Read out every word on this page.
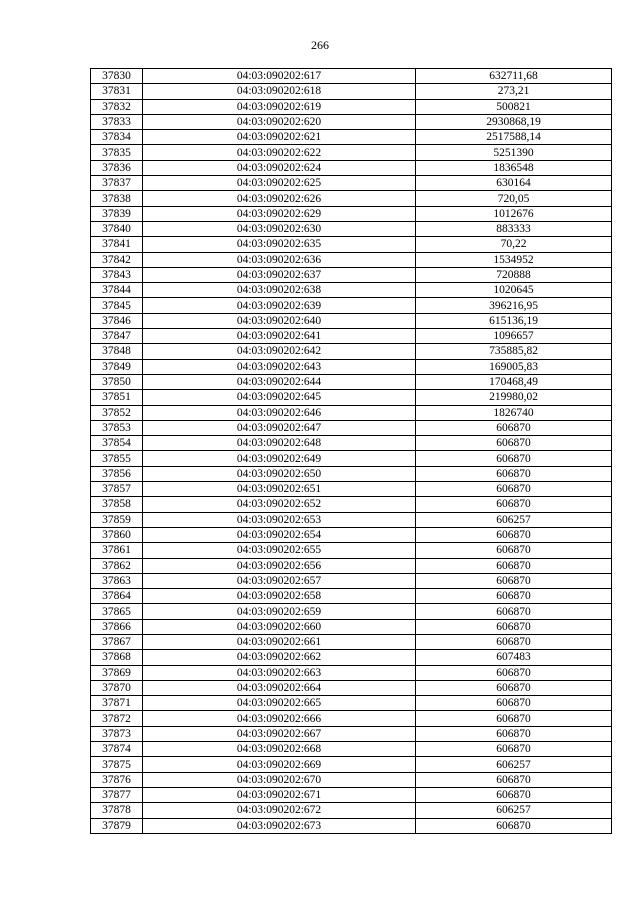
266
37830	04:03:090202:617	632711,68
37831	04:03:090202:618	273,21
37832	04:03:090202:619	500821
37833	04:03:090202:620	2930868,19
37834	04:03:090202:621	2517588,14
37835	04:03:090202:622	5251390
37836	04:03:090202:624	1836548
37837	04:03:090202:625	630164
37838	04:03:090202:626	720,05
37839	04:03:090202:629	1012676
37840	04:03:090202:630	883333
37841	04:03:090202:635	70,22
37842	04:03:090202:636	1534952
37843	04:03:090202:637	720888
37844	04:03:090202:638	1020645
37845	04:03:090202:639	396216,95
37846	04:03:090202:640	615136,19
37847	04:03:090202:641	1096657
37848	04:03:090202:642	735885,82
37849	04:03:090202:643	169005,83
37850	04:03:090202:644	170468,49
37851	04:03:090202:645	219980,02
37852	04:03:090202:646	1826740
37853	04:03:090202:647	606870
37854	04:03:090202:648	606870
37855	04:03:090202:649	606870
37856	04:03:090202:650	606870
37857	04:03:090202:651	606870
37858	04:03:090202:652	606870
37859	04:03:090202:653	606257
37860	04:03:090202:654	606870
37861	04:03:090202:655	606870
37862	04:03:090202:656	606870
37863	04:03:090202:657	606870
37864	04:03:090202:658	606870
37865	04:03:090202:659	606870
37866	04:03:090202:660	606870
37867	04:03:090202:661	606870
37868	04:03:090202:662	607483
37869	04:03:090202:663	606870
37870	04:03:090202:664	606870
37871	04:03:090202:665	606870
37872	04:03:090202:666	606870
37873	04:03:090202:667	606870
37874	04:03:090202:668	606870
37875	04:03:090202:669	606257
37876	04:03:090202:670	606870
37877	04:03:090202:671	606870
37878	04:03:090202:672	606257
37879	04:03:090202:673	606870
